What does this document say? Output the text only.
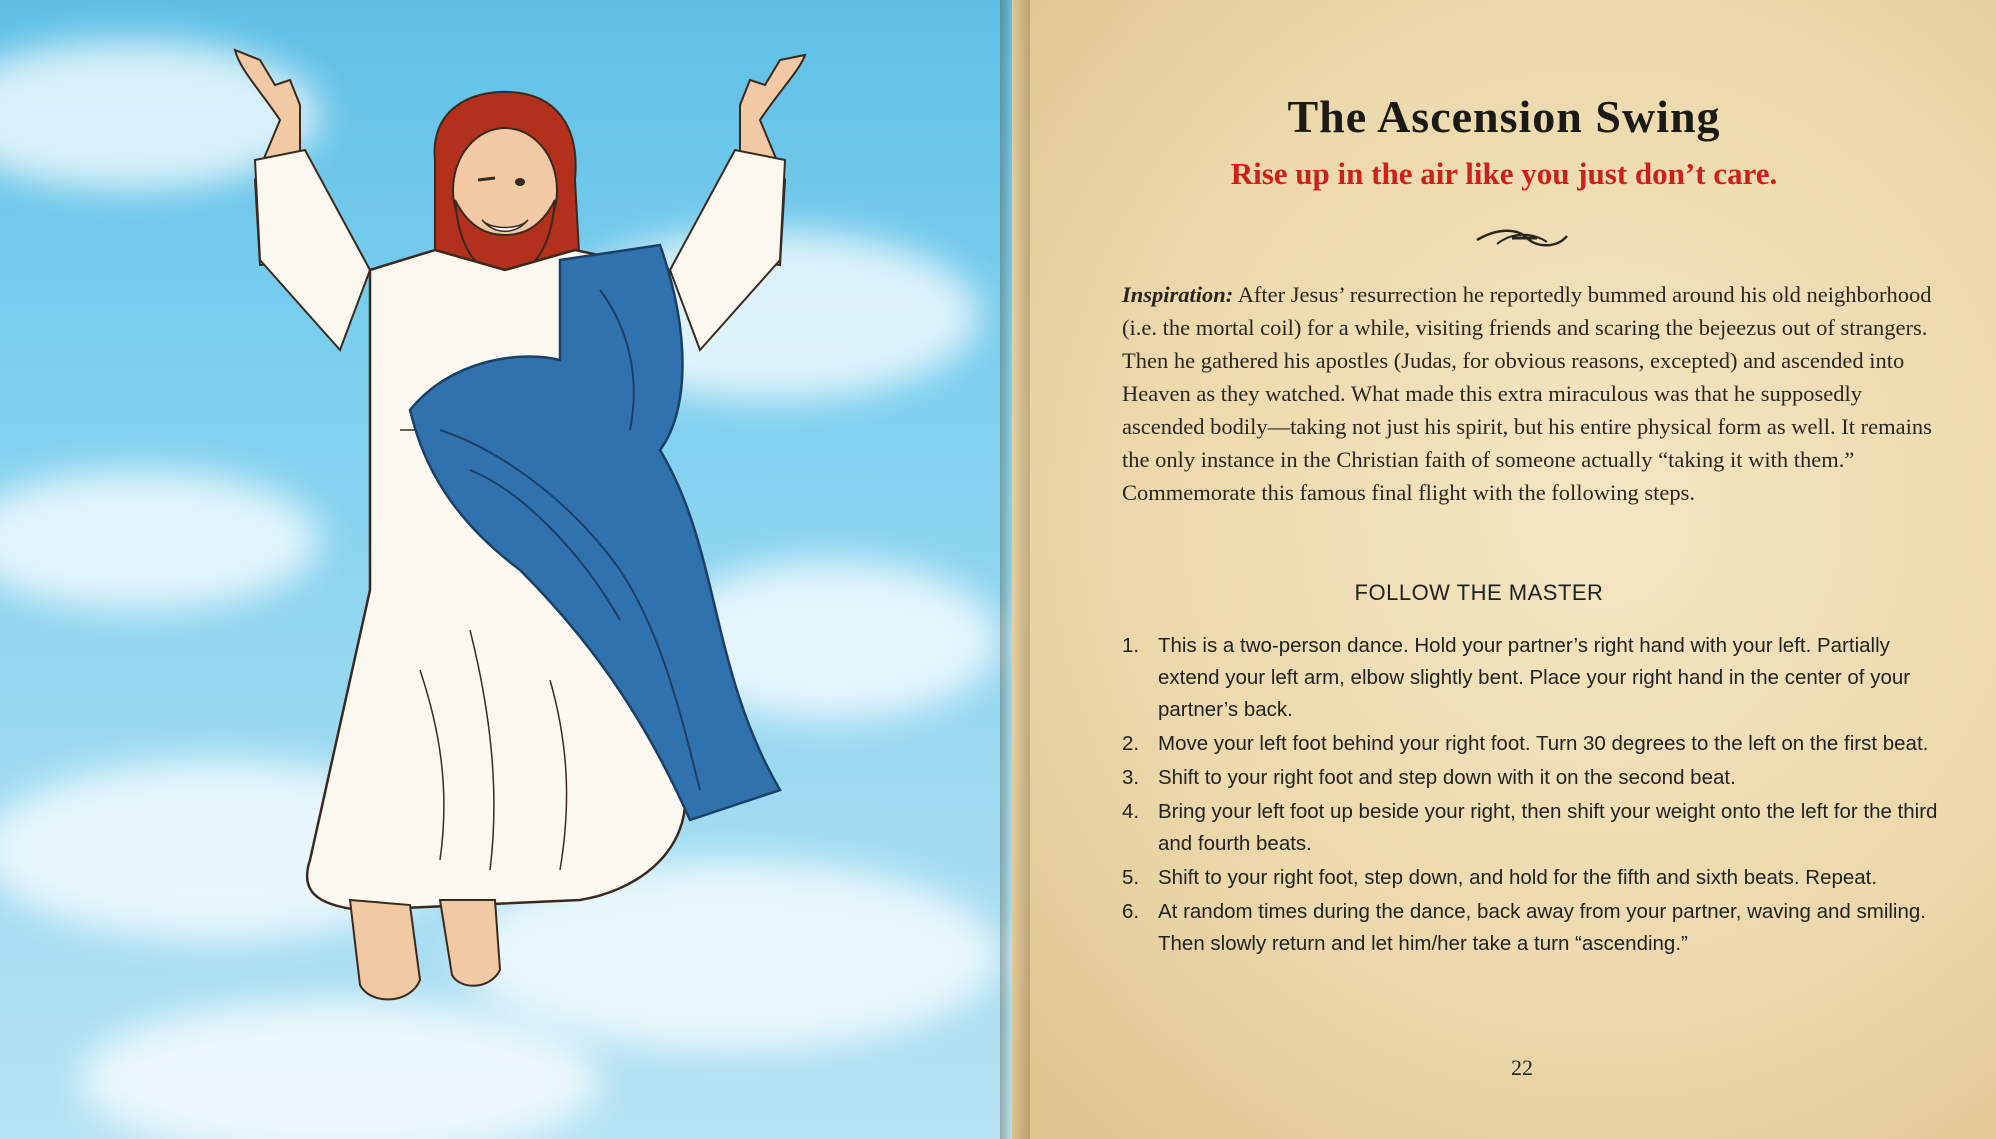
The Ascension Swing
Rise up in the air like you just don’t care.
Inspiration: After Jesus’ resurrection he reportedly bummed around his old neighborhood (i.e. the mortal coil) for a while, visiting friends and scaring the bejeezus out of strangers. Then he gathered his apostles (Judas, for obvious reasons, excepted) and ascended into Heaven as they watched. What made this extra miraculous was that he supposedly ascended bodily—taking not just his spirit, but his entire physical form as well. It remains the only instance in the Christian faith of someone actually “taking it with them.” Commemorate this famous final flight with the following steps.
FOLLOW THE MASTER
1. This is a two-person dance. Hold your partner’s right hand with your left. Partially extend your left arm, elbow slightly bent. Place your right hand in the center of your partner’s back.
2. Move your left foot behind your right foot. Turn 30 degrees to the left on the first beat.
3. Shift to your right foot and step down with it on the second beat.
4. Bring your left foot up beside your right, then shift your weight onto the left for the third and fourth beats.
5. Shift to your right foot, step down, and hold for the fifth and sixth beats. Repeat.
6. At random times during the dance, back away from your partner, waving and smiling. Then slowly return and let him/her take a turn “ascending.”
22
